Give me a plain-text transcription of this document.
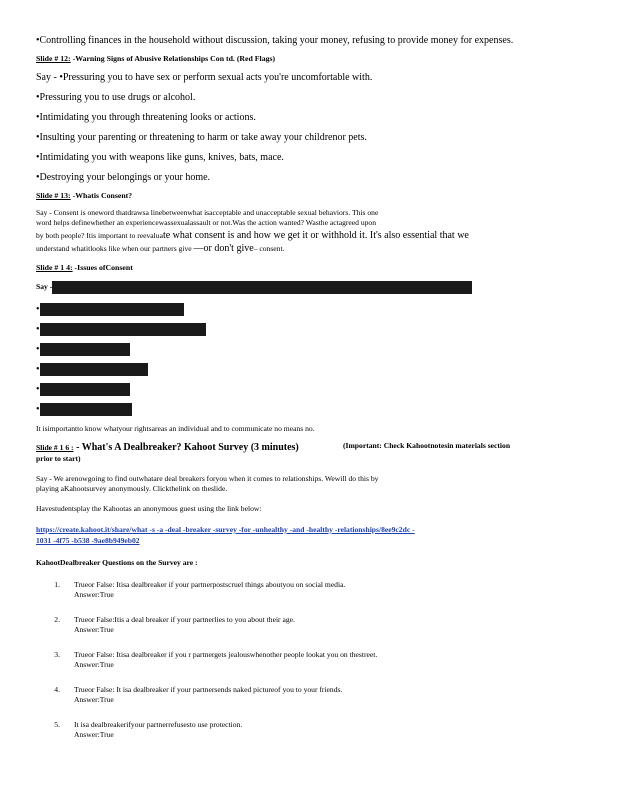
•Controlling finances in the household without discussion, taking your money, refusing to provide money for expenses.

Slide # 12: -Warning Signs of Abusive Relationships Con td. (Red Flags)

Say - •Pressuring you to have sex or perform sexual acts you're uncomfortable with.

•Pressuring you to use drugs or alcohol.

•Intimidating you through threatening looks or actions.

•Insulting your parenting or threatening to harm or take away your childrenor pets.

•Intimidating you with weapons like guns, knives, bats, mace.

•Destroying your belongings or your home.

Slide # 13: -Whatis Consent?

Say - Consent is oneword thatdrawsa linebetweenwhat isacceptable and unacceptable sexual behaviors. This one
word helps definewhether an experiencewassexualassault or not.Was the action wanted? Wasthe actagreed upon
by both people? Itis important to reevaluate what consent is and how we get it or withhold it. It's also essential that we
understand whatitlooks like when our partners give —or don't give– consent.

Slide # 1 4: -Issues ofConsent

Say -
•
•
•
•
•
•

It isimportantto know whatyour rightsareas an individual and to communicate no means no.

Slide # 1 6 : - What's A Dealbreaker? Kahoot Survey (3 minutes)	(Important: Check Kahootnotesin materials section
prior to start)
Say - We arenowgoing to find outwhatare deal breakers foryou when it comes to relationships. Wewill do this by
playing aKahootsurvey anonymously. Clickthelink on theslide.

Havestudentsplay the Kahootas an anonymous guest using the link below:

https://create.kahoot.it/share/what -s -a -deal -breaker -survey -for -unhealthy -and -healthy -relationships/8ee9c2dc -
1031 -4f75 -b538 -9ae8b949eb02

KahootDealbreaker Questions on the Survey are :

1.	Trueor False: Itisa dealbreaker if your partnerpostscruel things aboutyou on social media.
Answer:True
2.	Trueor False:Itis a deal breaker if your partnerlies to you about their age.
Answer:True
3.	Trueor False: Itisa dealbreaker if you r partnergets jealouswhenother people lookat you on thestreet.
Answer:True
4.	Trueor False: It isa dealbreaker if your partnersends naked pictureof you to your friends.
Answer:True
5.	It isa dealbreakerifyour partnerrefusesto use protection.
Answer:True
